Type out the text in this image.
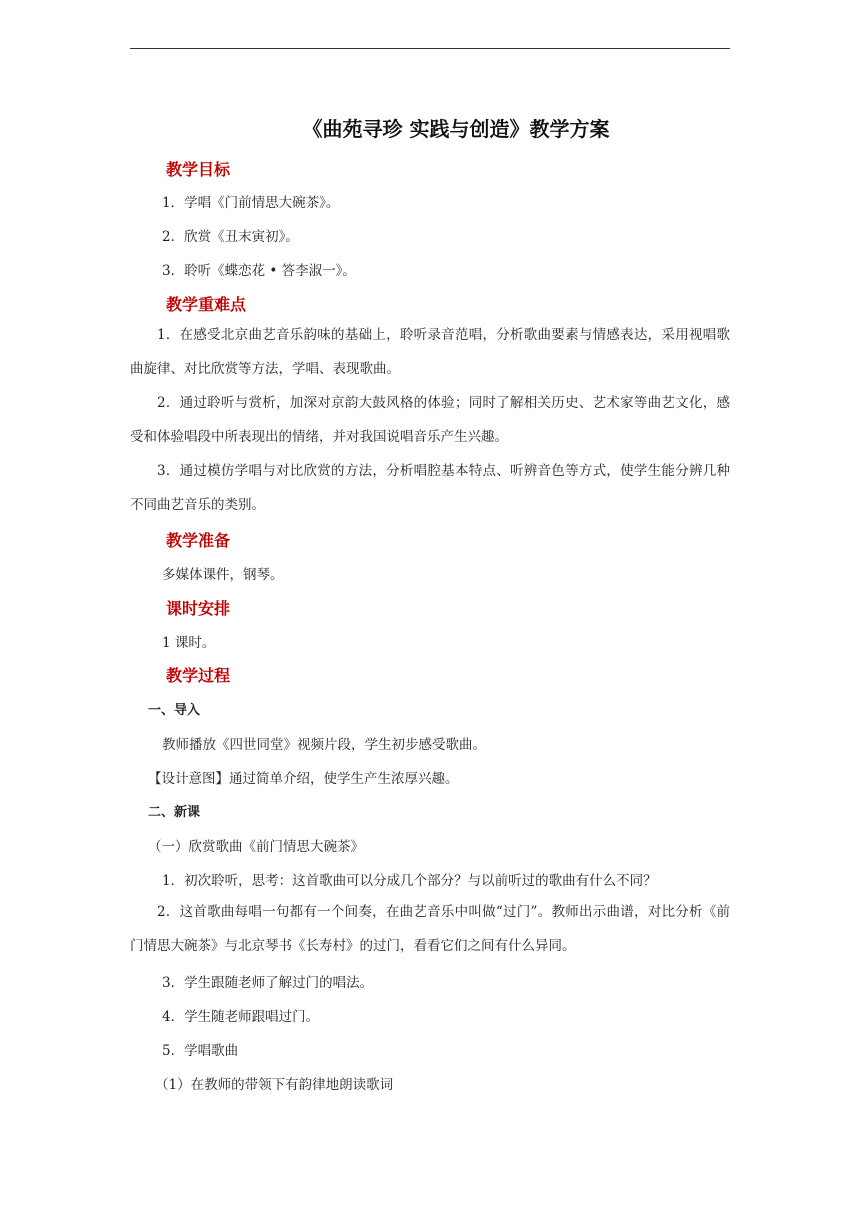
《曲苑寻珍 实践与创造》教学方案
教学目标
1．学唱《门前情思大碗茶》。
2．欣赏《丑末寅初》。
3．聆听《蝶恋花 • 答李淑一》。
教学重难点
1．在感受北京曲艺音乐韵味的基础上，聆听录音范唱，分析歌曲要素与情感表达，采用视唱歌曲旋律、对比欣赏等方法，学唱、表现歌曲。
2．通过聆听与赏析，加深对京韵大鼓风格的体验；同时了解相关历史、艺术家等曲艺文化，感受和体验唱段中所表现出的情绪，并对我国说唱音乐产生兴趣。
3．通过模仿学唱与对比欣赏的方法，分析唱腔基本特点、听辨音色等方式，使学生能分辨几种不同曲艺音乐的类别。
教学准备
多媒体课件，钢琴。
课时安排
1 课时。
教学过程
一、导入
教师播放《四世同堂》视频片段，学生初步感受歌曲。
【设计意图】通过简单介绍，使学生产生浓厚兴趣。
二、新课
（一）欣赏歌曲《前门情思大碗茶》
1．初次聆听，思考：这首歌曲可以分成几个部分？与以前听过的歌曲有什么不同？
2．这首歌曲每唱一句都有一个间奏，在曲艺音乐中叫做“过门”。教师出示曲谱，对比分析《前门情思大碗茶》与北京琴书《长寿村》的过门，看看它们之间有什么异同。
3．学生跟随老师了解过门的唱法。
4．学生随老师跟唱过门。
5．学唱歌曲
（1）在教师的带领下有韵律地朗读歌词
